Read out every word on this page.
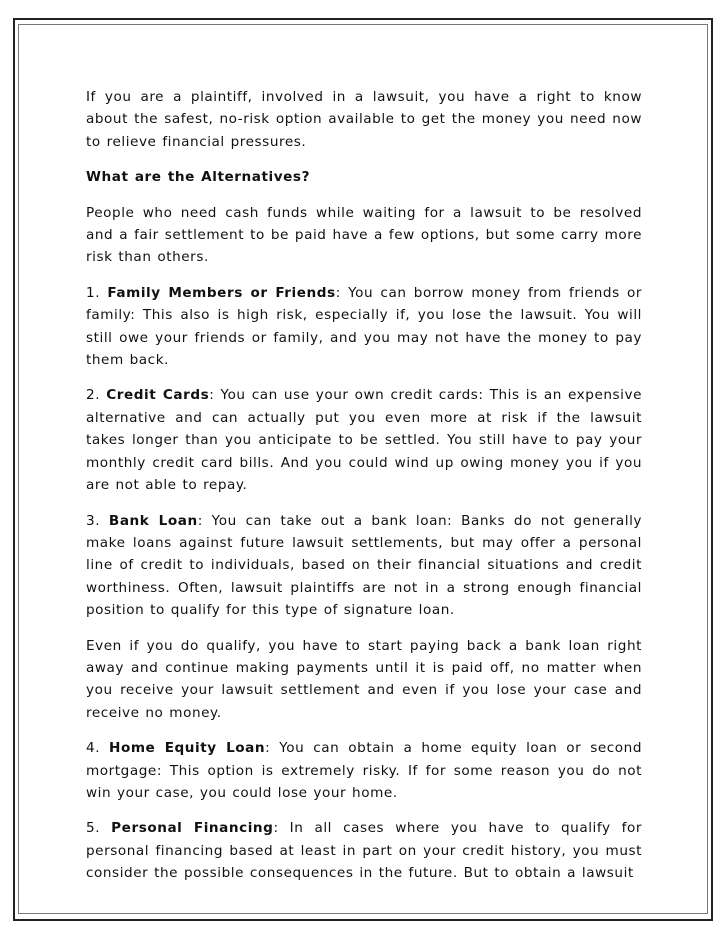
If you are a plaintiff, involved in a lawsuit, you have a right to know about the safest, no-risk option available to get the money you need now to relieve financial pressures.

What are the Alternatives?

People who need cash funds while waiting for a lawsuit to be resolved and a fair settlement to be paid have a few options, but some carry more risk than others.

1. Family Members or Friends: You can borrow money from friends or family: This also is high risk, especially if, you lose the lawsuit. You will still owe your friends or family, and you may not have the money to pay them back.

2. Credit Cards: You can use your own credit cards: This is an expensive alternative and can actually put you even more at risk if the lawsuit takes longer than you anticipate to be settled. You still have to pay your monthly credit card bills. And you could wind up owing money you if you are not able to repay.

3. Bank Loan: You can take out a bank loan: Banks do not generally make loans against future lawsuit settlements, but may offer a personal line of credit to individuals, based on their financial situations and credit worthiness. Often, lawsuit plaintiffs are not in a strong enough financial position to qualify for this type of signature loan.

Even if you do qualify, you have to start paying back a bank loan right away and continue making payments until it is paid off, no matter when you receive your lawsuit settlement and even if you lose your case and receive no money.

4. Home Equity Loan: You can obtain a home equity loan or second mortgage: This option is extremely risky. If for some reason you do not win your case, you could lose your home.

5. Personal Financing: In all cases where you have to qualify for personal financing based at least in part on your credit history, you must consider the possible consequences in the future. But to obtain a lawsuit
